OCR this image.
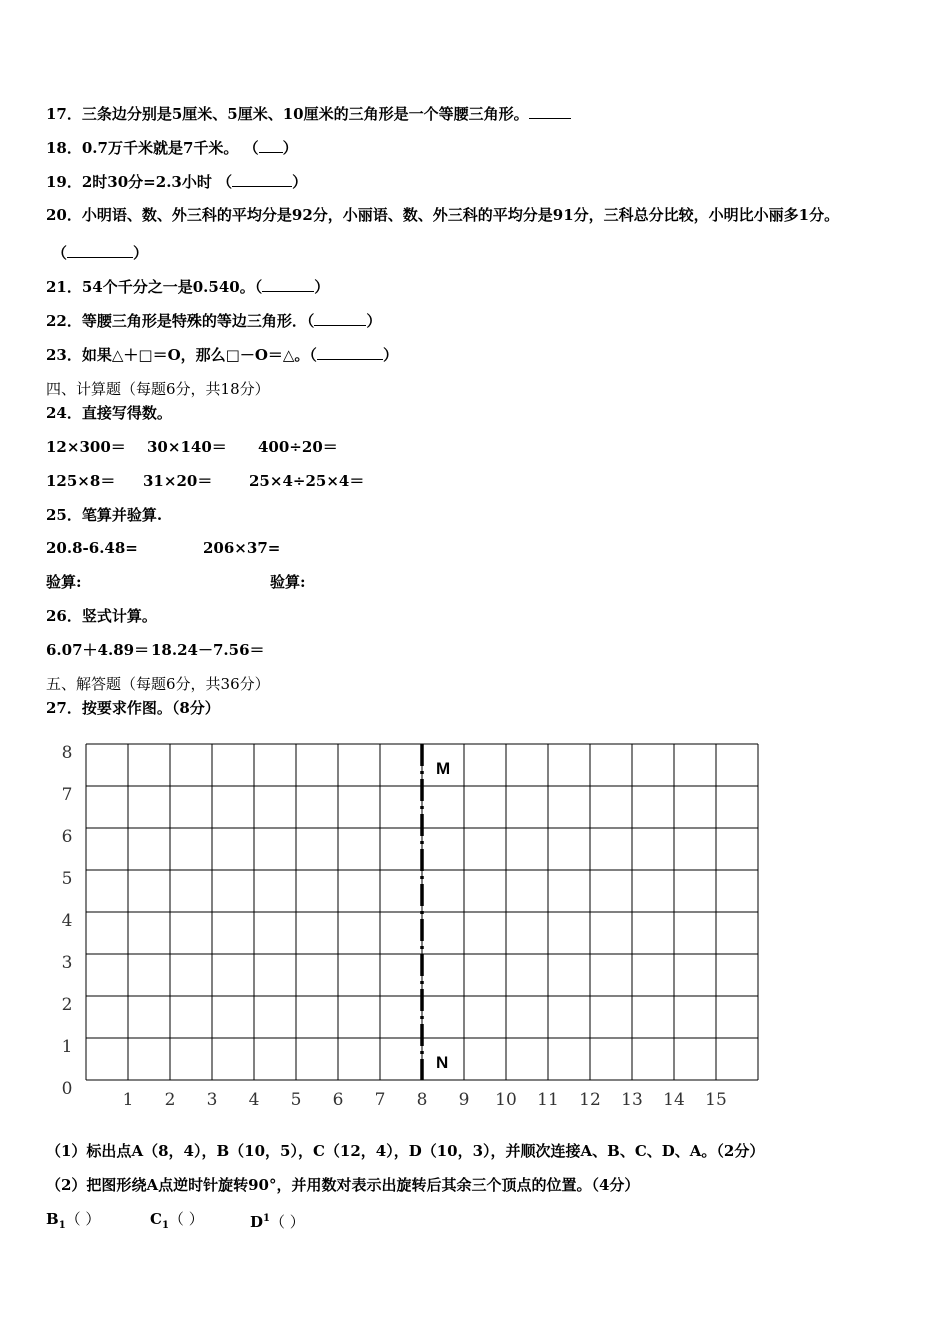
17．三条边分别是5厘米、5厘米、10厘米的三角形是一个等腰三角形。
18．0.7万千米就是7千米。 （ ）
19．2时30分=2.3小时 （	）
20．小明语、数、外三科的平均分是92分，小丽语、数、外三科的平均分是91分，三科总分比较，小明比小丽多1分。
（	）
21．54个千分之一是0.540。（	）
22．等腰三角形是特殊的等边三角形．（	）
23．如果△＋□＝O，那么□－O＝△。（	）
四、计算题（每题6分，共18分）
24．直接写得数。
12×300＝ 30×140＝ 400÷20＝
125×8＝ 31×20＝ 25×4÷25×4＝
25．笔算并验算.
20.8-6.48=	206×37=
验算:	验算:
26．竖式计算。
6.07＋4.89＝ 18.24－7.56＝
五、解答题（每题6分，共36分）
27．按要求作图。（8分）
0
1
2
3
4
5
6
7
8
1 2 3 4 5 6 7 8 9 10 11 12 13 14 15
M
N
（1）标出点A（8，4），B（10，5），C（12，4），D（10，3），并顺次连接A、B、C、D、A。（2分）
（2）把图形绕A点逆时针旋转90°，并用数对表示出旋转后其余三个顶点的位置。（4分）
$B_1$（ ）	$C_1$（ ）	$D^1$（ ）
